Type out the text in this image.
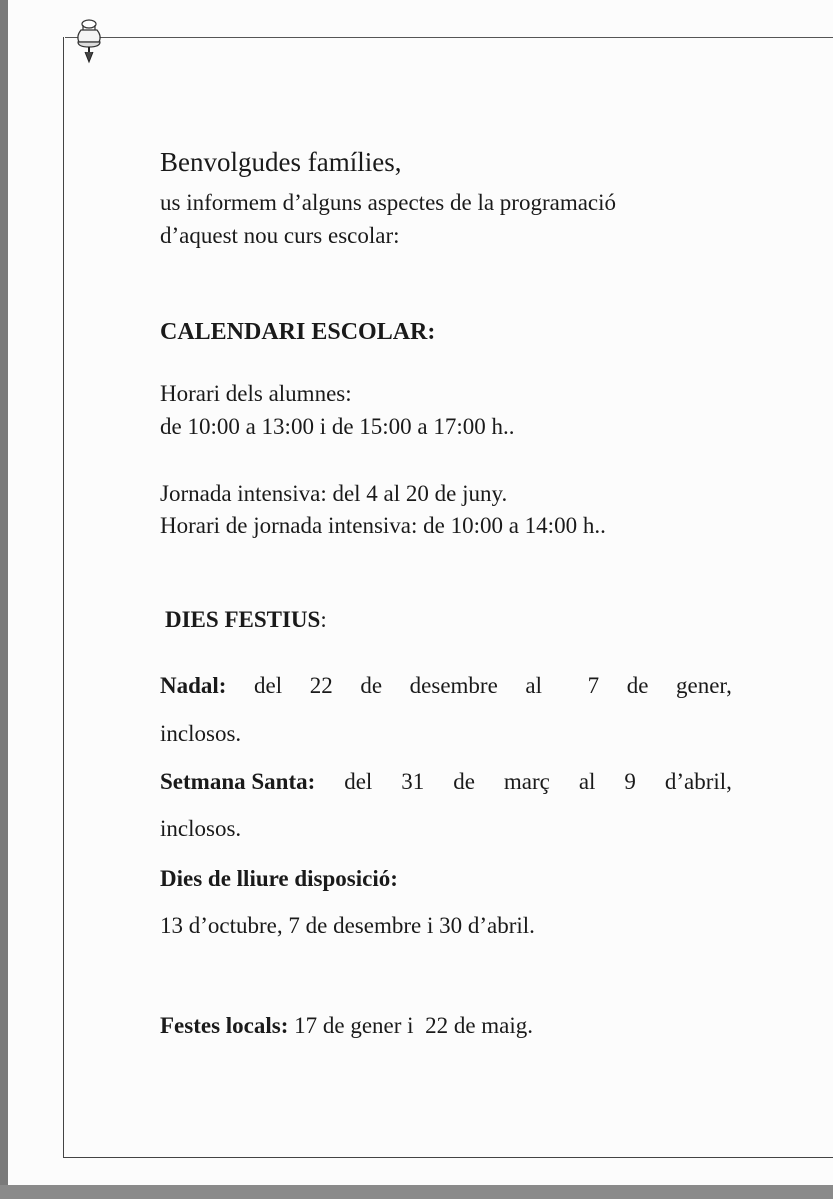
Benvolgudes famílies,
us informem d’alguns aspectes de la programació
d’aquest nou curs escolar:
CALENDARI ESCOLAR:
Horari dels alumnes:
de 10:00 a 13:00 i de 15:00 a 17:00 h..
Jornada intensiva: del 4 al 20 de juny.
Horari de jornada intensiva: de 10:00 a 14:00 h..
DIES FESTIUS:
Nadal: del 22 de desembre al 7 de gener,
inclosos.
Setmana Santa: del 31 de març al 9 d’abril,
inclosos.
Dies de lliure disposició:
13 d’octubre, 7 de desembre i 30 d’abril.
Festes locals: 17 de gener i  22 de maig.
